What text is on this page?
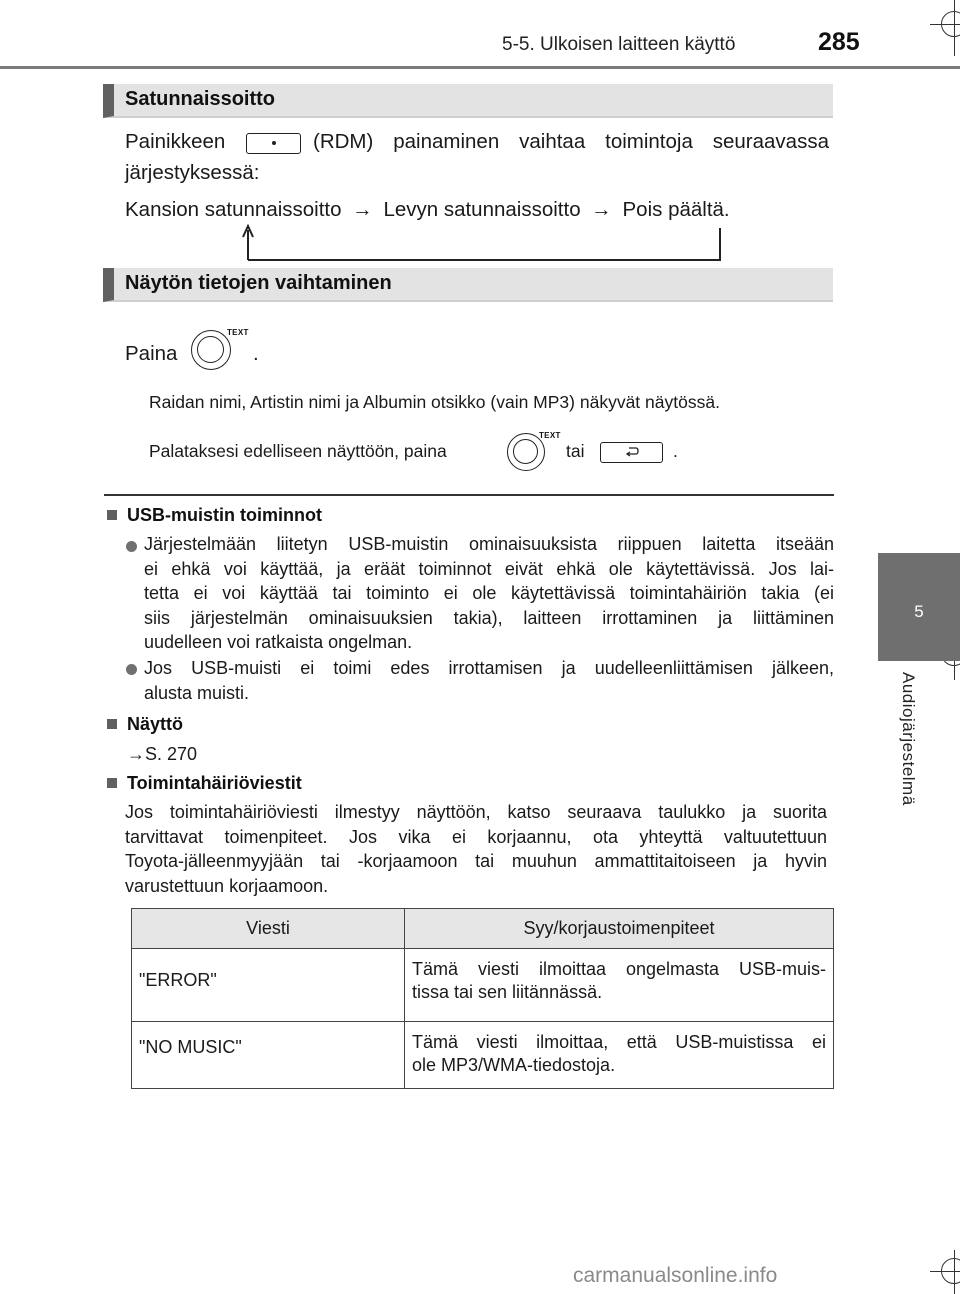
5-5. Ulkoisen laitteen käyttö	285
5
Audiojärjestelmä
Satunnaissoitto
Painikkeen	(RDM) painaminen vaihtaa toimintoja seuraavassa
järjestyksessä:
Kansion satunnaissoitto → Levyn satunnaissoitto → Pois päältä.
Näytön tietojen vaihtaminen
Paina
TEXT
.
Raidan nimi, Artistin nimi ja Albumin otsikko (vain MP3) näkyvät näytössä.
Palataksesi edelliseen näyttöön, paina
TEXT
tai	.
USB-muistin toiminnot
Järjestelmään liitetyn USB-muistin ominaisuuksista riippuen laitetta itseään
ei ehkä voi käyttää, ja eräät toiminnot eivät ehkä ole käytettävissä. Jos lai-
tetta ei voi käyttää tai toiminto ei ole käytettävissä toimintahäiriön takia (ei
siis järjestelmän ominaisuuksien takia), laitteen irrottaminen ja liittäminen
uudelleen voi ratkaista ongelman.
Jos USB-muisti ei toimi edes irrottamisen ja uudelleenliittämisen jälkeen,
alusta muisti.
Näyttö
→S. 270
Toimintahäiriöviestit
Jos toimintahäiriöviesti ilmestyy näyttöön, katso seuraava taulukko ja suorita
tarvittavat toimenpiteet. Jos vika ei korjaannu, ota yhteyttä valtuutettuun
Toyota-jälleenmyyjään tai -korjaamoon tai muuhun ammattitaitoiseen ja hyvin
varustettuun korjaamoon.
Viesti	Syy/korjaustoimenpiteet
"ERROR"	Tämä viesti ilmoittaa ongelmasta USB-muis-
tissa tai sen liitännässä.

"NO MUSIC"	Tämä viesti ilmoittaa, että USB-muistissa ei
ole MP3/WMA-tiedostoja.
carmanualsonline.info
